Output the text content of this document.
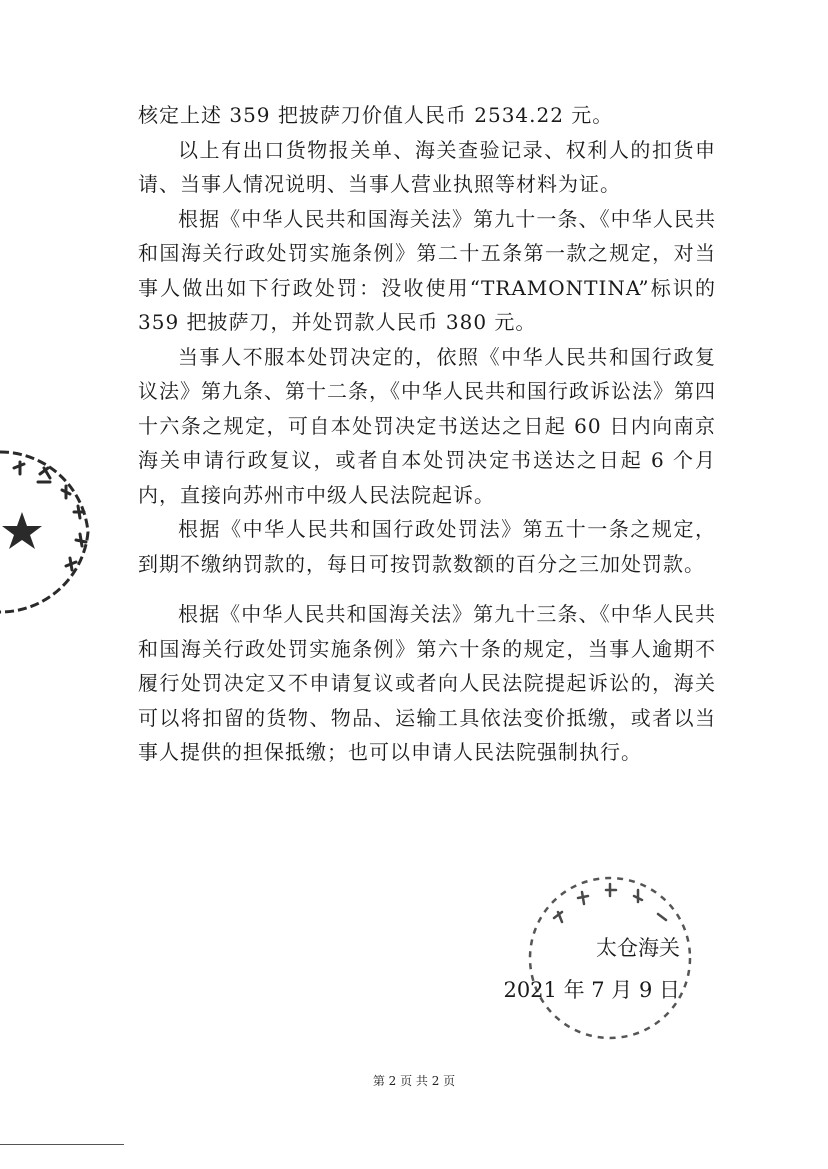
核定上述 359 把披萨刀价值人民币 2534.22 元。

以上有出口货物报关单、海关查验记录、权利人的扣货申请、当事人情况说明、当事人营业执照等材料为证。

根据《中华人民共和国海关法》第九十一条、《中华人民共和国海关行政处罚实施条例》第二十五条第一款之规定，对当事人做出如下行政处罚：没收使用“TRAMONTINA”标识的 359 把披萨刀，并处罚款人民币 380 元。

当事人不服本处罚决定的，依照《中华人民共和国行政复议法》第九条、第十二条，《中华人民共和国行政诉讼法》第四十六条之规定，可自本处罚决定书送达之日起 60 日内向南京海关申请行政复议，或者自本处罚决定书送达之日起 6 个月内，直接向苏州市中级人民法院起诉。

根据《中华人民共和国行政处罚法》第五十一条之规定，到期不缴纳罚款的，每日可按罚款数额的百分之三加处罚款。

根据《中华人民共和国海关法》第九十三条、《中华人民共和国海关行政处罚实施条例》第六十条的规定，当事人逾期不履行处罚决定又不申请复议或者向人民法院提起诉讼的，海关可以将扣留的货物、物品、运输工具依法变价抵缴，或者以当事人提供的担保抵缴；也可以申请人民法院强制执行。

太仓海关
2021 年 7 月 9 日
第 2 页 共 2 页
